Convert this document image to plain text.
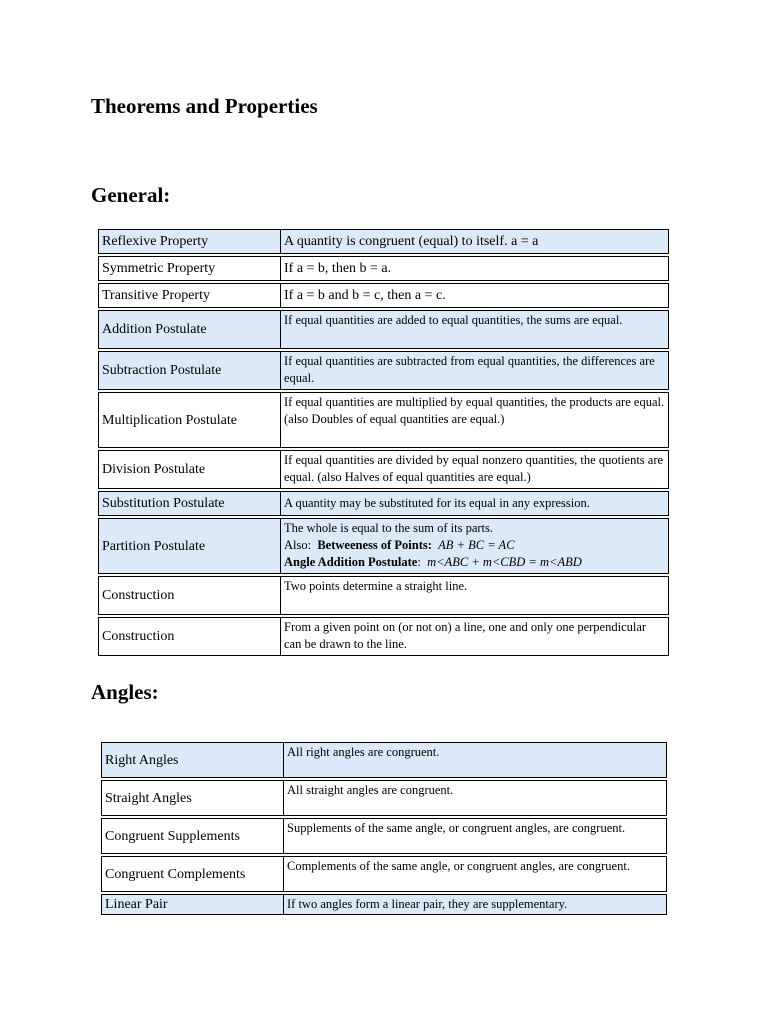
Theorems and Properties
General:
Reflexive Property	A quantity is congruent (equal) to itself. a = a
Symmetric Property	If a = b, then b = a.
Transitive Property	If a = b and b = c, then a = c.
Addition Postulate	If equal quantities are added to equal quantities, the sums are equal.
Subtraction Postulate	If equal quantities are subtracted from equal quantities, the differences are equal.
Multiplication Postulate	If equal quantities are multiplied by equal quantities, the products are equal. (also Doubles of equal quantities are equal.)
Division Postulate	If equal quantities are divided by equal nonzero quantities, the quotients are equal. (also Halves of equal quantities are equal.)
Substitution Postulate	A quantity may be substituted for its equal in any expression.
Partition Postulate	The whole is equal to the sum of its parts.
Also: Betweeness of Points: AB + BC = AC
Angle Addition Postulate:  m<ABC + m<CBD = m<ABD

Construction	Two points determine a straight line.
Construction	From a given point on (or not on) a line, one and only one perpendicular can be drawn to the line.
Angles:
Right Angles	All right angles are congruent.
Straight Angles	All straight angles are congruent.
Congruent Supplements	Supplements of the same angle, or congruent angles, are congruent.
Congruent Complements	Complements of the same angle, or congruent angles, are congruent.
Linear Pair	If two angles form a linear pair, they are supplementary.
